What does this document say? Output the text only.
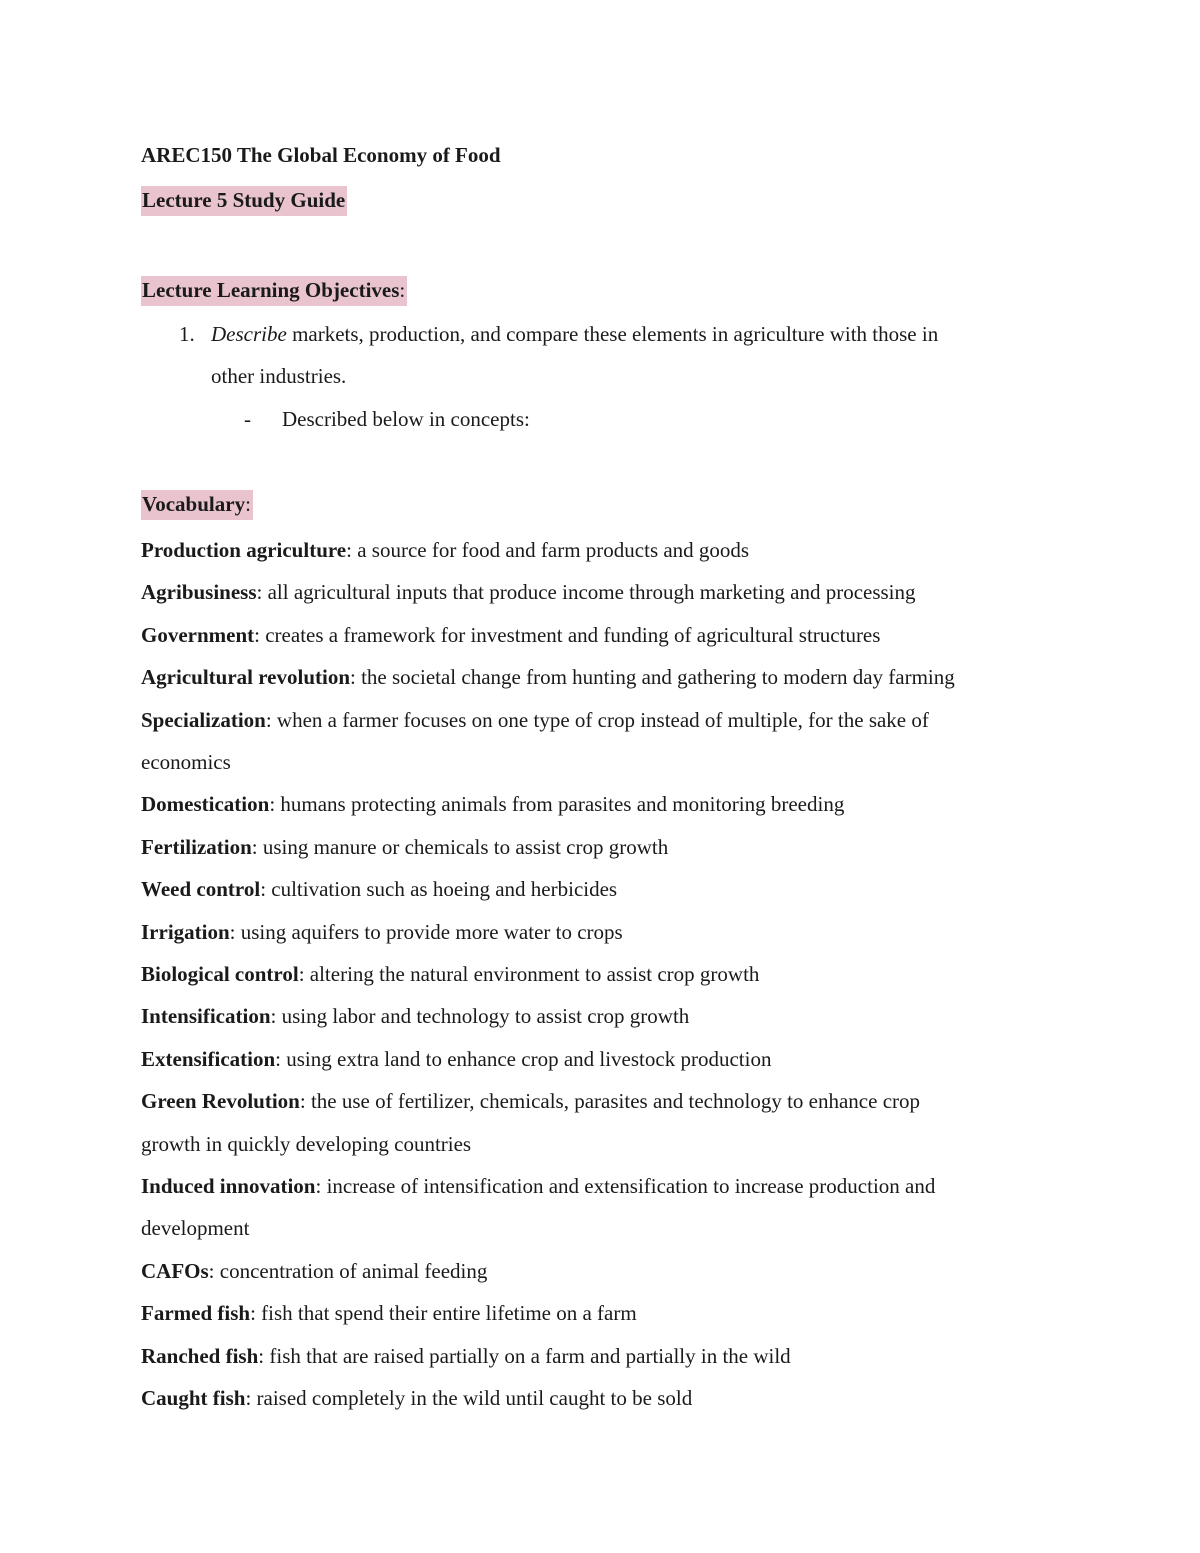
AREC150 The Global Economy of Food
Lecture 5 Study Guide
Lecture Learning Objectives:
1. Describe markets, production, and compare these elements in agriculture with those in
other industries.
- Described below in concepts:
Vocabulary:
Production agriculture: a source for food and farm products and goods
Agribusiness: all agricultural inputs that produce income through marketing and processing
Government: creates a framework for investment and funding of agricultural structures
Agricultural revolution: the societal change from hunting and gathering to modern day farming
Specialization: when a farmer focuses on one type of crop instead of multiple, for the sake of
economics
Domestication: humans protecting animals from parasites and monitoring breeding
Fertilization: using manure or chemicals to assist crop growth
Weed control: cultivation such as hoeing and herbicides
Irrigation: using aquifers to provide more water to crops
Biological control: altering the natural environment to assist crop growth
Intensification: using labor and technology to assist crop growth
Extensification: using extra land to enhance crop and livestock production
Green Revolution: the use of fertilizer, chemicals, parasites and technology to enhance crop
growth in quickly developing countries
Induced innovation: increase of intensification and extensification to increase production and
development
CAFOs: concentration of animal feeding
Farmed fish: fish that spend their entire lifetime on a farm
Ranched fish: fish that are raised partially on a farm and partially in the wild
Caught fish: raised completely in the wild until caught to be sold
